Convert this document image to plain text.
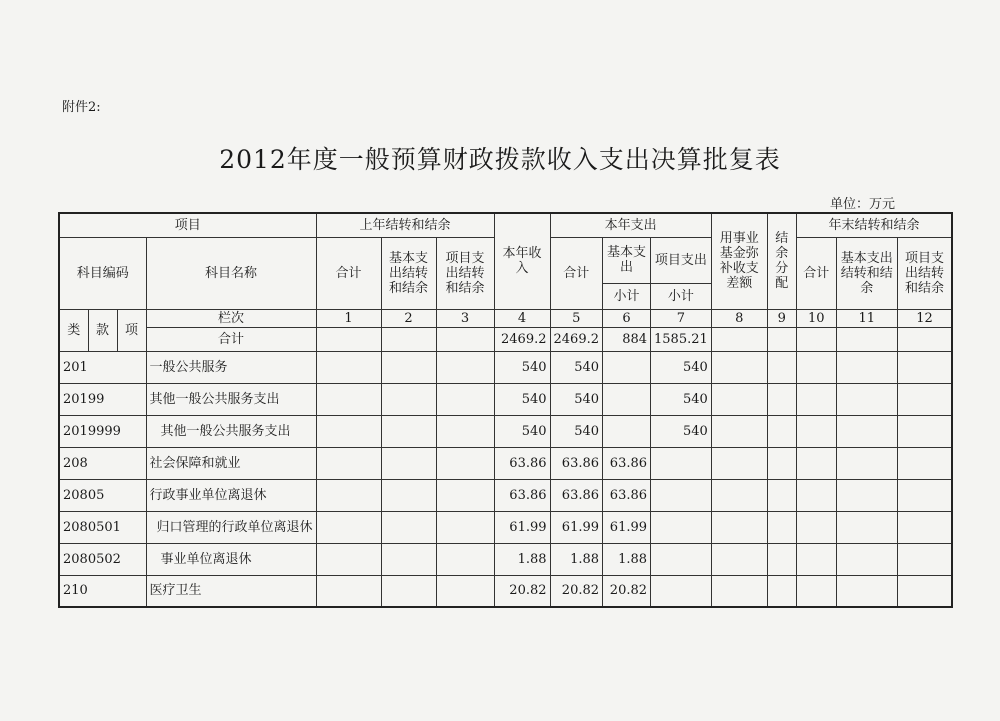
附件2:
2012年度一般预算财政拨款收入支出决算批复表
单位：万元
项目				上年结转和结余			本年收入	本年支出			用事业基金弥补收支差额	结余分配	年末结转和结余		
科目编码			科目名称	合计	基本支出结转和结余	项目支出结转和结余		合计	基本支出	项目支出			合计	基本支出结转和结余	项目支出结转和结余
									小计	小计					
类	款	项	栏次	1	2	3	4	5	6	7	8	9	10	11	12
			合计				2469.2	2469.2	884	1585.21					
201			一般公共服务				540	540		540					
20199			其他一般公共服务支出				540	540		540					
2019999			其他一般公共服务支出				540	540		540					
208			社会保障和就业				63.86	63.86	63.86						
20805			行政事业单位离退休				63.86	63.86	63.86						
2080501			归口管理的行政单位离退休				61.99	61.99	61.99						
2080502			事业单位离退休				1.88	1.88	1.88						
210			医疗卫生				20.82	20.82	20.82						
